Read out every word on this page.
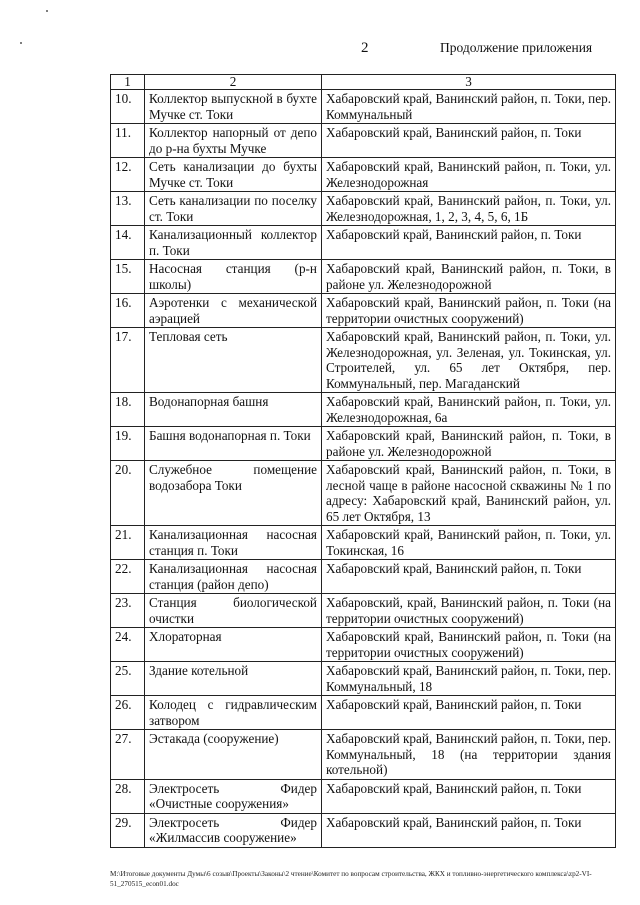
2	Продолжение приложения
1	2	3
10.	Коллектор выпускной в бухте Мучке ст. Токи	Хабаровский край, Ванинский район, п. Токи, пер. Коммунальный
11.	Коллектор напорный от депо до р-на бухты Мучке	Хабаровский край, Ванинский район, п. Токи
12.	Сеть канализации до бухты Мучке ст. Токи	Хабаровский край, Ванинский район, п. Токи, ул. Железнодорожная
13.	Сеть канализации по поселку ст. Токи	Хабаровский край, Ванинский район, п. Токи, ул. Железнодорожная, 1, 2, 3, 4, 5, 6, 1Б
14.	Канализационный коллектор п. Токи	Хабаровский край, Ванинский район, п. Токи
15.	Насосная станция (р-н школы)	Хабаровский край, Ванинский район, п. Токи, в районе ул. Железнодорожной
16.	Аэротенки с механической аэрацией	Хабаровский край, Ванинский район, п. Токи (на территории очистных сооружений)
17.	Тепловая сеть	Хабаровский край, Ванинский район, п. Токи, ул. Железнодорожная, ул. Зеленая, ул. Токинская, ул. Строителей, ул. 65 лет Октября, пер. Коммунальный, пер. Магаданский
18.	Водонапорная башня	Хабаровский край, Ванинский район, п. Токи, ул. Железнодорожная, 6а
19.	Башня водонапорная п. Токи	Хабаровский край, Ванинский район, п. Токи, в районе ул. Железнодорожной
20.	Служебное помещение водозабора Токи	Хабаровский край, Ванинский район, п. Токи, в лесной чаще в районе насосной скважины № 1 по адресу: Хабаровский край, Ванинский район, ул. 65 лет Октября, 13
21.	Канализационная насосная станция п. Токи	Хабаровский край, Ванинский район, п. Токи, ул. Токинская, 16
22.	Канализационная насосная станция (район депо)	Хабаровский край, Ванинский район, п. Токи
23.	Станция биологической очистки	Хабаровский, край, Ванинский район, п. Токи (на территории очистных сооружений)
24.	Хлораторная	Хабаровский край, Ванинский район, п. Токи (на территории очистных сооружений)
25.	Здание котельной	Хабаровский край, Ванинский район, п. Токи, пер. Коммунальный, 18
26.	Колодец с гидравлическим затвором	Хабаровский край, Ванинский район, п. Токи
27.	Эстакада (сооружение)	Хабаровский край, Ванинский район, п. Токи, пер. Коммунальный, 18 (на территории здания котельной)
28.	Электросеть Фидер «Очистные сооружения»	Хабаровский край, Ванинский район, п. Токи
29.	Электросеть Фидер «Жилмассив сооружение»	Хабаровский край, Ванинский район, п. Токи
М:\Итоговые документы Думы\6 созыв\Проекты\Законы\2 чтение\Комитет по вопросам строительства, ЖКХ и топливно-энергетического комплекса\zp2-VI-51_270515_econ01.doc
